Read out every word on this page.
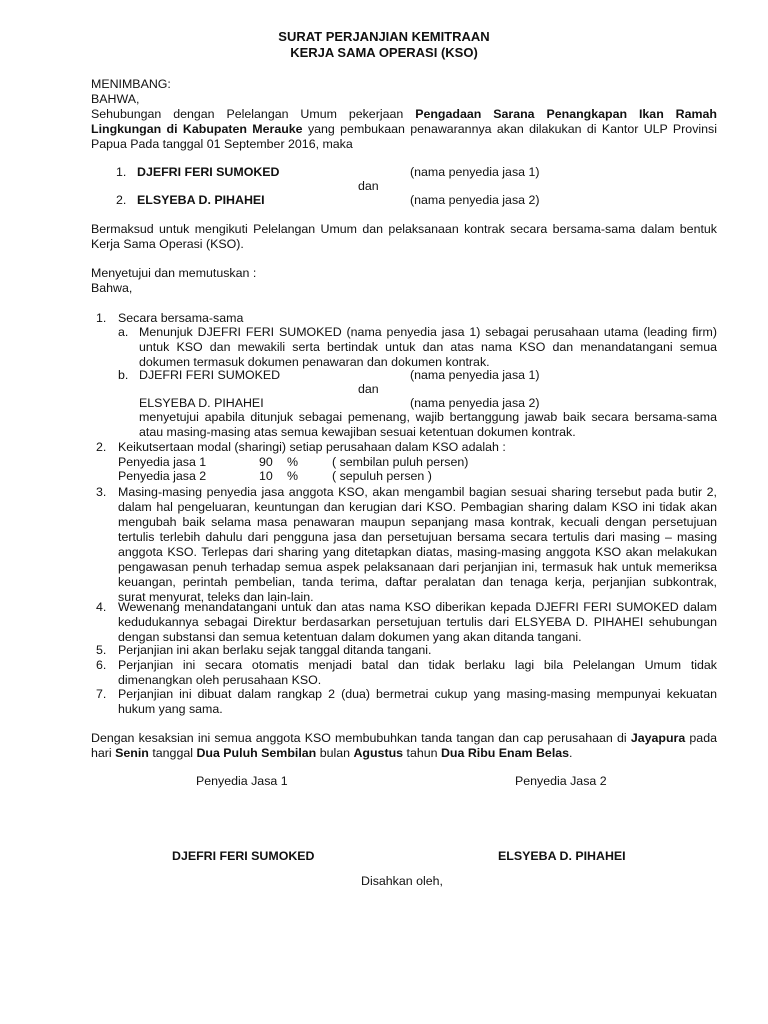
SURAT PERJANJIAN KEMITRAAN
KERJA SAMA OPERASI (KSO)
MENIMBANG:
BAHWA,
Sehubungan dengan Pelelangan Umum pekerjaan Pengadaan Sarana Penangkapan Ikan Ramah
Lingkungan di Kabupaten Merauke yang pembukaan penawarannya akan dilakukan di Kantor ULP Provinsi
Papua Pada tanggal 01 September 2016, maka
1. DJEFRI FERI SUMOKED	(nama penyedia jasa 1)
dan
2. ELSYEBA D. PIHAHEI	(nama penyedia jasa 2)
Bermaksud untuk mengikuti Pelelangan Umum dan pelaksanaan kontrak secara bersama-sama dalam bentuk
Kerja Sama Operasi (KSO).
Menyetujui dan memutuskan :
Bahwa,
1. Secara bersama-sama
a. Menunjuk DJEFRI FERI SUMOKED (nama penyedia jasa 1) sebagai perusahaan utama (leading firm)
untuk KSO dan mewakili serta bertindak untuk dan atas nama KSO dan menandatangani semua
dokumen termasuk dokumen penawaran dan dokumen kontrak.
b. DJEFRI FERI SUMOKED	(nama penyedia jasa 1)
dan
ELSYEBA D. PIHAHEI	(nama penyedia jasa 2)
menyetujui apabila ditunjuk sebagai pemenang, wajib bertanggung jawab baik secara bersama-sama
atau masing-masing atas semua kewajiban sesuai ketentuan dokumen kontrak.
2. Keikutsertaan modal (sharingi) setiap perusahaan dalam KSO adalah :
Penyedia jasa 1	90 %	( sembilan puluh persen)
Penyedia jasa 2	10 %	( sepuluh persen )
3. Masing-masing penyedia jasa anggota KSO, akan mengambil bagian sesuai sharing tersebut pada butir 2,
dalam hal pengeluaran, keuntungan dan kerugian dari KSO. Pembagian sharing dalam KSO ini tidak akan
mengubah baik selama masa penawaran maupun sepanjang masa kontrak, kecuali dengan persetujuan
tertulis terlebih dahulu dari pengguna jasa dan persetujuan bersama secara tertulis dari masing – masing
anggota KSO. Terlepas dari sharing yang ditetapkan diatas, masing-masing anggota KSO akan melakukan
pengawasan penuh terhadap semua aspek pelaksanaan dari perjanjian ini, termasuk hak untuk memeriksa
keuangan, perintah pembelian, tanda terima, daftar peralatan dan tenaga kerja, perjanjian subkontrak,
surat menyurat, teleks dan lain-lain.
4. Wewenang menandatangani untuk dan atas nama KSO diberikan kepada DJEFRI FERI SUMOKED dalam
kedudukannya sebagai Direktur berdasarkan persetujuan tertulis dari ELSYEBA D. PIHAHEI sehubungan
dengan substansi dan semua ketentuan dalam dokumen yang akan ditanda tangani.
5. Perjanjian ini akan berlaku sejak tanggal ditanda tangani.
6. Perjanjian ini secara otomatis menjadi batal dan tidak berlaku lagi bila Pelelangan Umum tidak
dimenangkan oleh perusahaan KSO.
7. Perjanjian ini dibuat dalam rangkap 2 (dua) bermetrai cukup yang masing-masing mempunyai kekuatan
hukum yang sama.
Dengan kesaksian ini semua anggota KSO membubuhkan tanda tangan dan cap perusahaan di Jayapura pada
hari Senin tanggal Dua Puluh Sembilan bulan Agustus tahun Dua Ribu Enam Belas.
Penyedia Jasa 1	Penyedia Jasa 2
DJEFRI FERI SUMOKED	ELSYEBA D. PIHAHEI
Disahkan oleh,
